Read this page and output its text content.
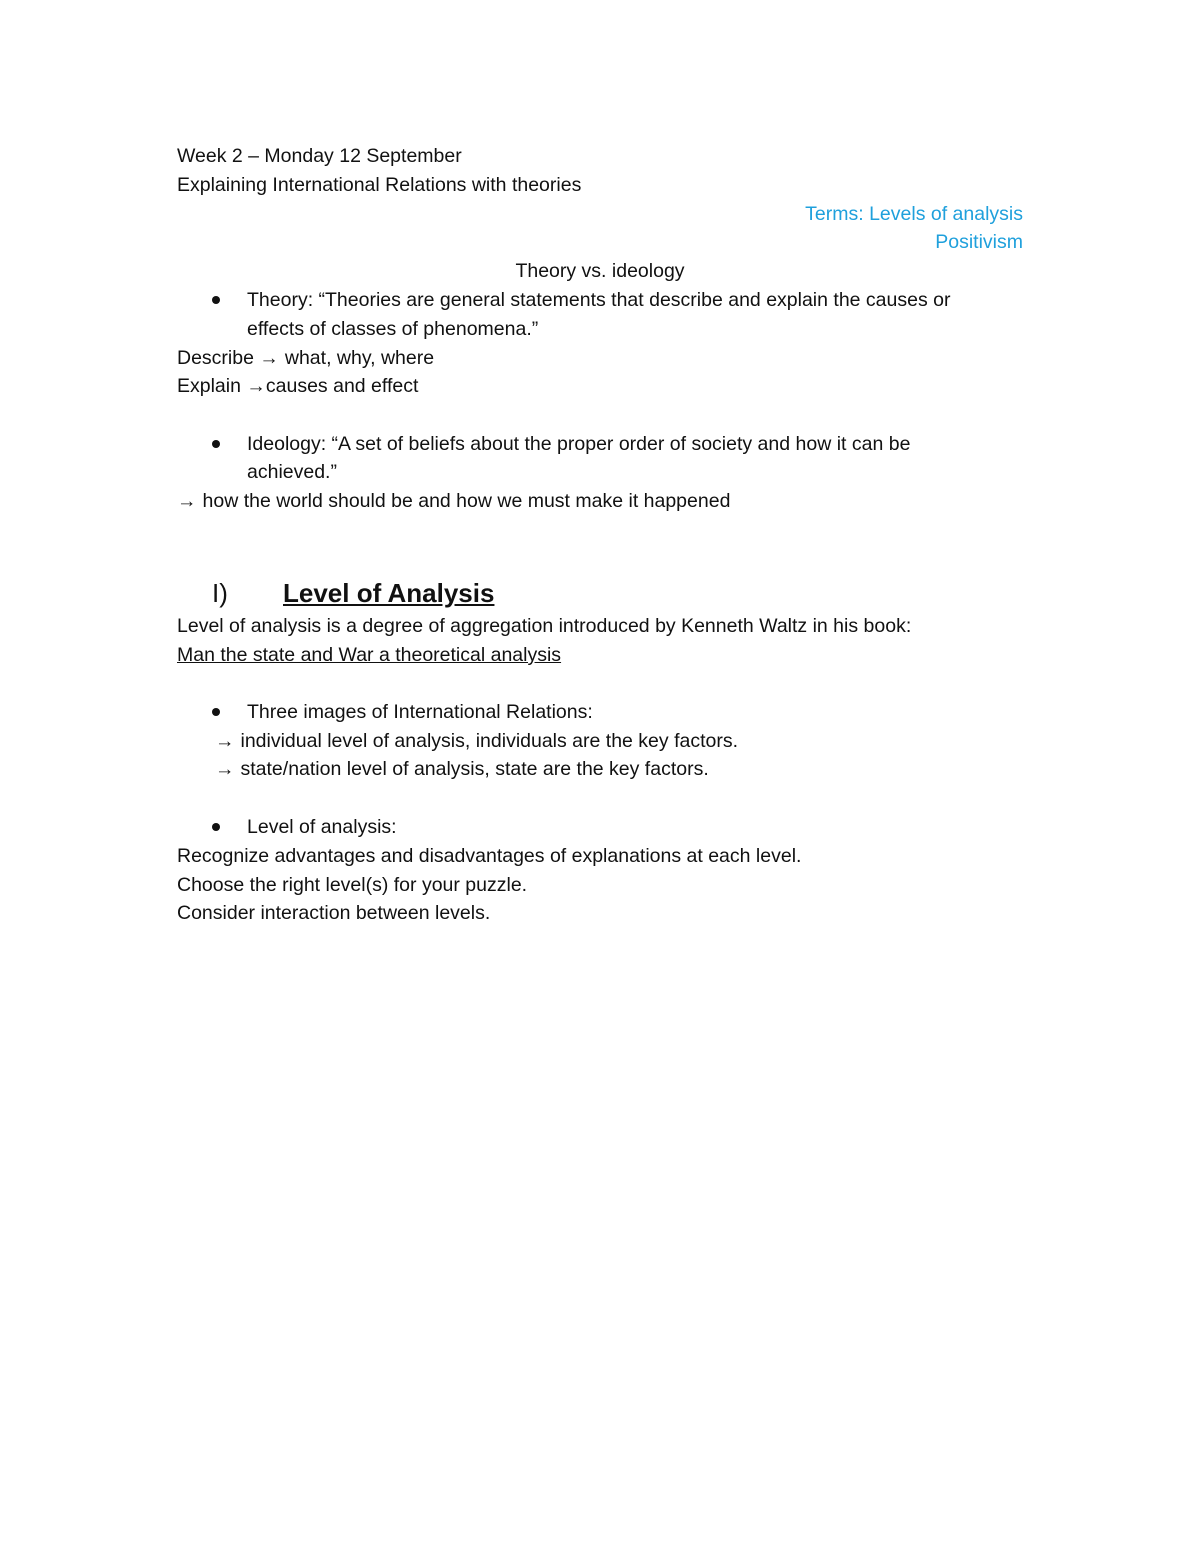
Week 2 – Monday 12 September
Explaining International Relations with theories
Terms: Levels of analysis
Positivism
Theory vs. ideology
Theory: “Theories are general statements that describe and explain the causes or
effects of classes of phenomena.”
Describe → what, why, where
Explain →causes and effect
Ideology: “A set of beliefs about the proper order of society and how it can be
achieved.”
→ how the world should be and how we must make it happened
I) Level of Analysis
Level of analysis is a degree of aggregation introduced by Kenneth Waltz in his book:
Man the state and War a theoretical analysis
Three images of International Relations:
→ individual level of analysis, individuals are the key factors.
→ state/nation level of analysis, state are the key factors.
Level of analysis:
Recognize advantages and disadvantages of explanations at each level.
Choose the right level(s) for your puzzle.
Consider interaction between levels.
